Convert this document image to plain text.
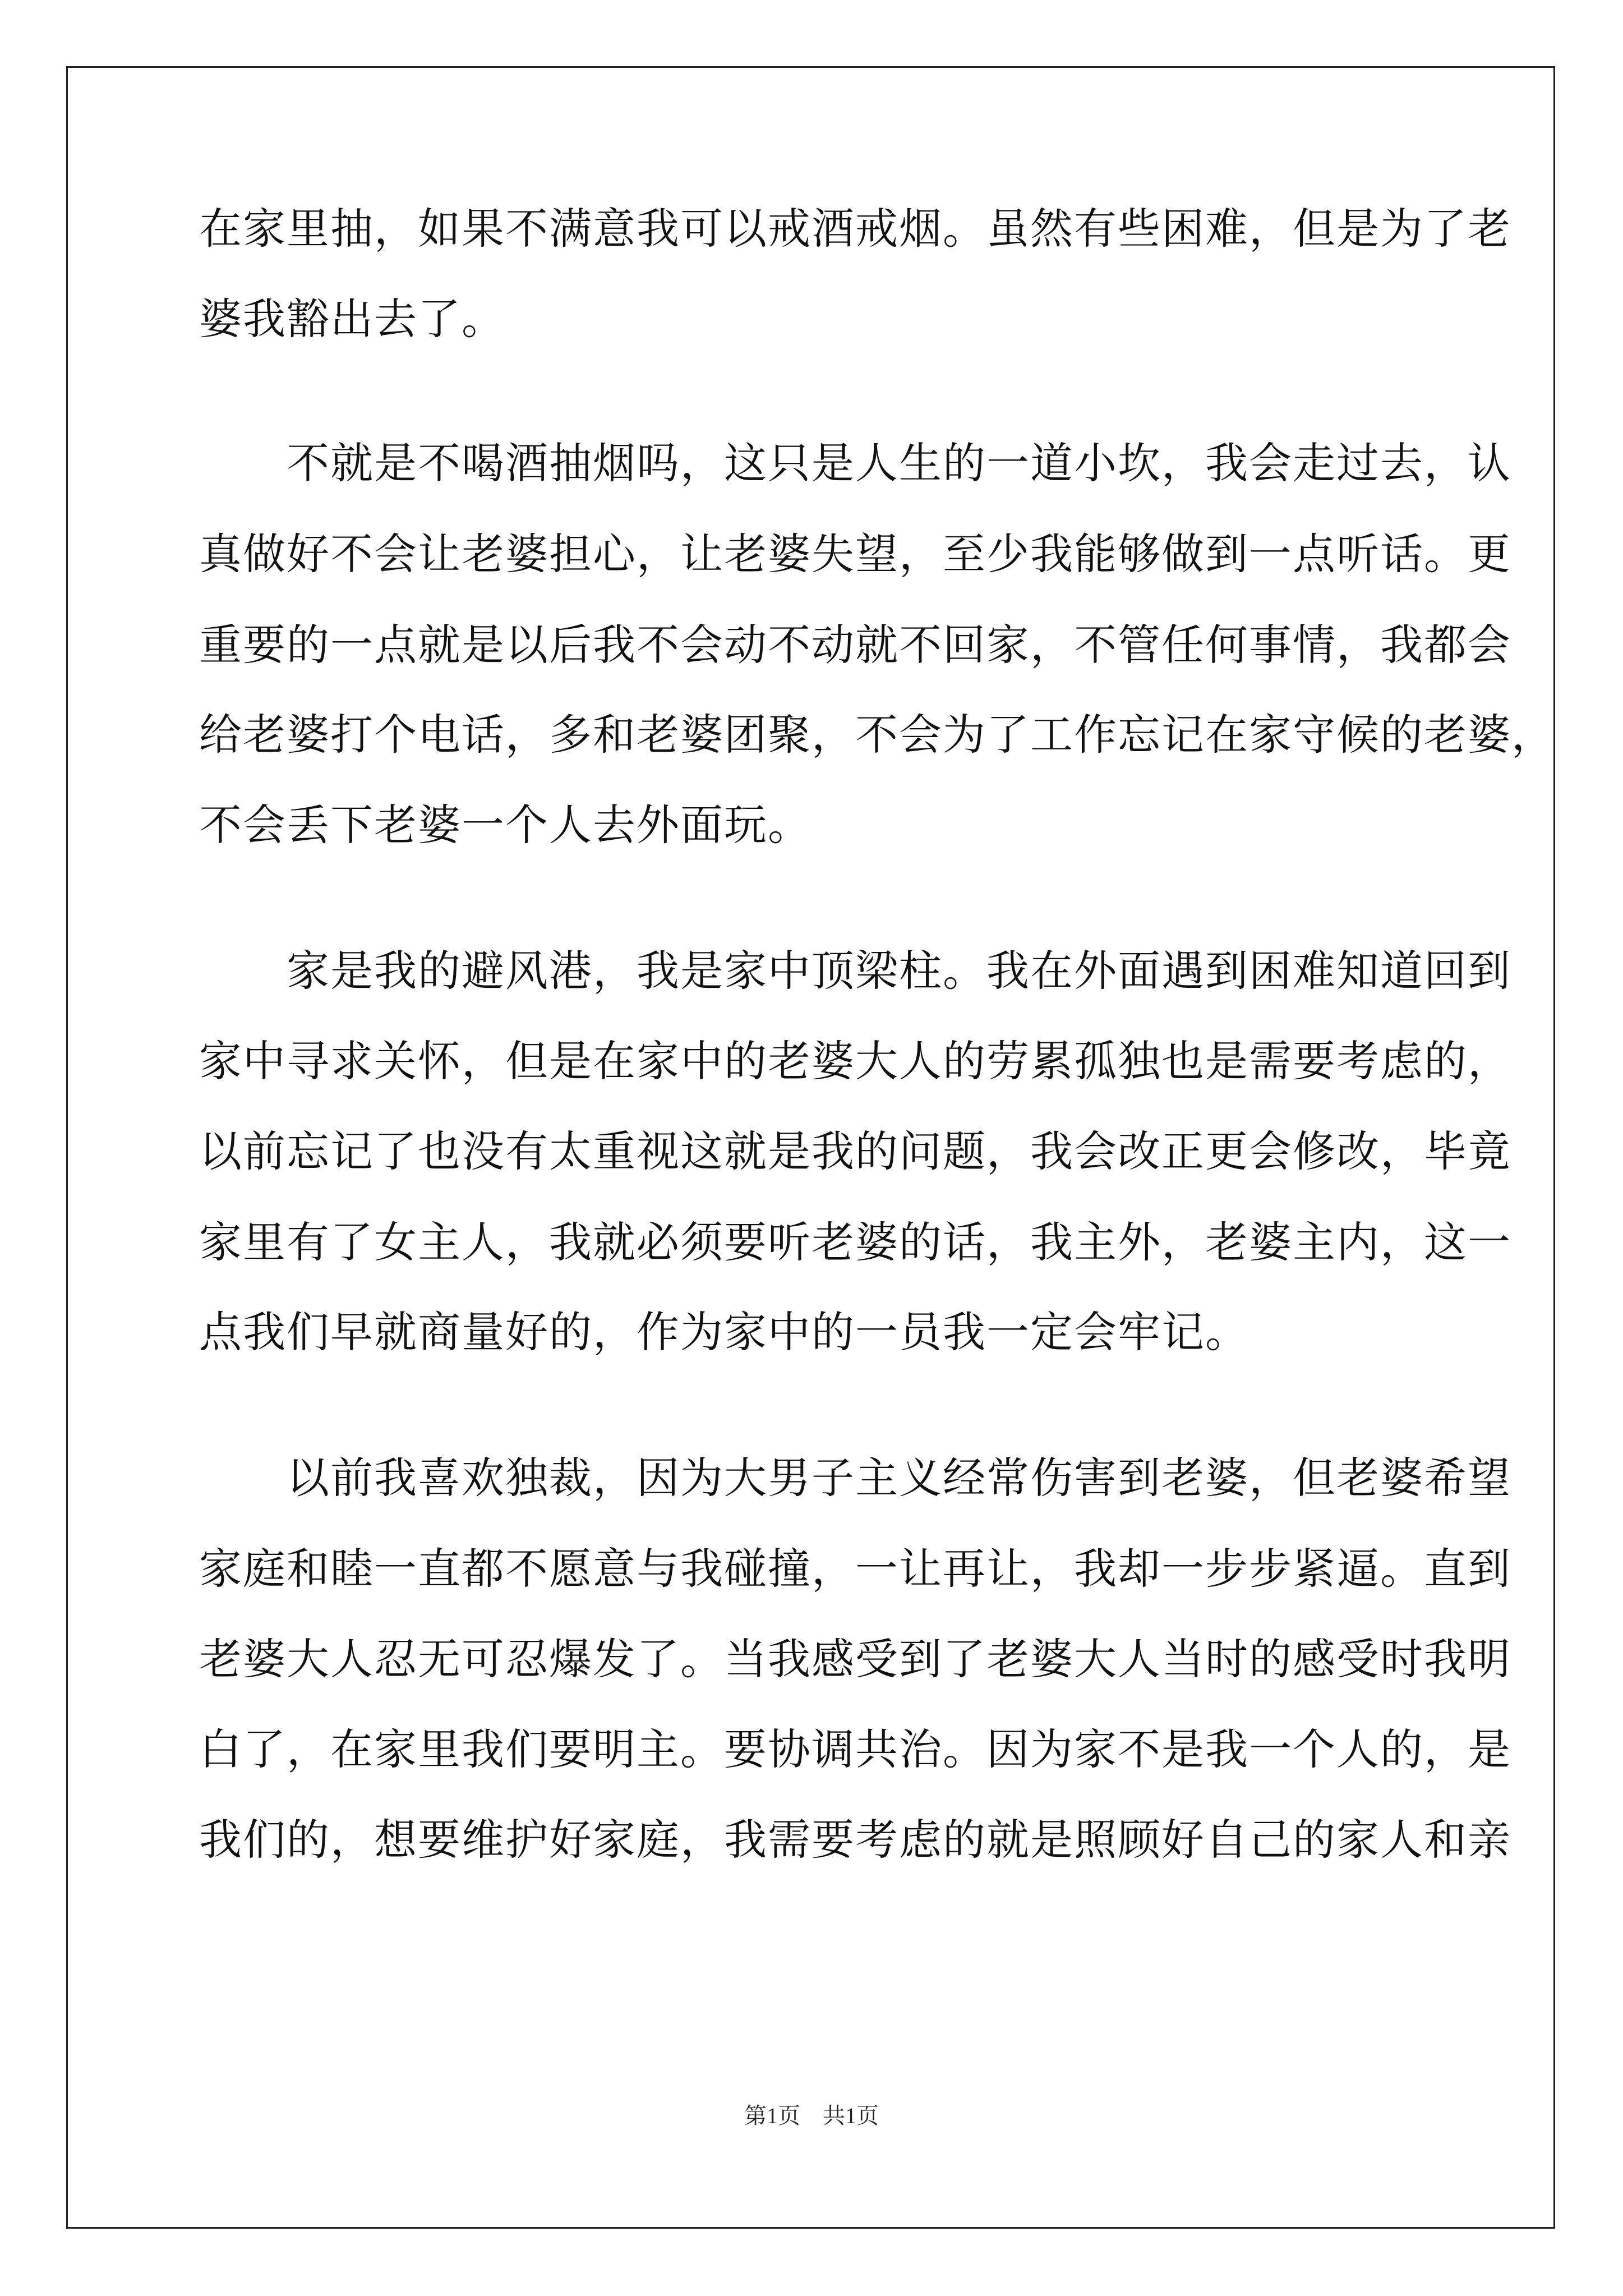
在家里抽，如果不满意我可以戒酒戒烟。虽然有些困难，但是为了老
婆我豁出去了。
　　不就是不喝酒抽烟吗，这只是人生的一道小坎，我会走过去，认
真做好不会让老婆担心，让老婆失望，至少我能够做到一点听话。更
重要的一点就是以后我不会动不动就不回家，不管任何事情，我都会
给老婆打个电话，多和老婆团聚，不会为了工作忘记在家守候的老婆，
不会丢下老婆一个人去外面玩。
　　家是我的避风港，我是家中顶梁柱。我在外面遇到困难知道回到
家中寻求关怀，但是在家中的老婆大人的劳累孤独也是需要考虑的，
以前忘记了也没有太重视这就是我的问题，我会改正更会修改，毕竟
家里有了女主人，我就必须要听老婆的话，我主外，老婆主内，这一
点我们早就商量好的，作为家中的一员我一定会牢记。
　　以前我喜欢独裁，因为大男子主义经常伤害到老婆，但老婆希望
家庭和睦一直都不愿意与我碰撞，一让再让，我却一步步紧逼。直到
老婆大人忍无可忍爆发了。当我感受到了老婆大人当时的感受时我明
白了，在家里我们要明主。要协调共治。因为家不是我一个人的，是
我们的，想要维护好家庭，我需要考虑的就是照顾好自己的家人和亲
第1页　共1页
